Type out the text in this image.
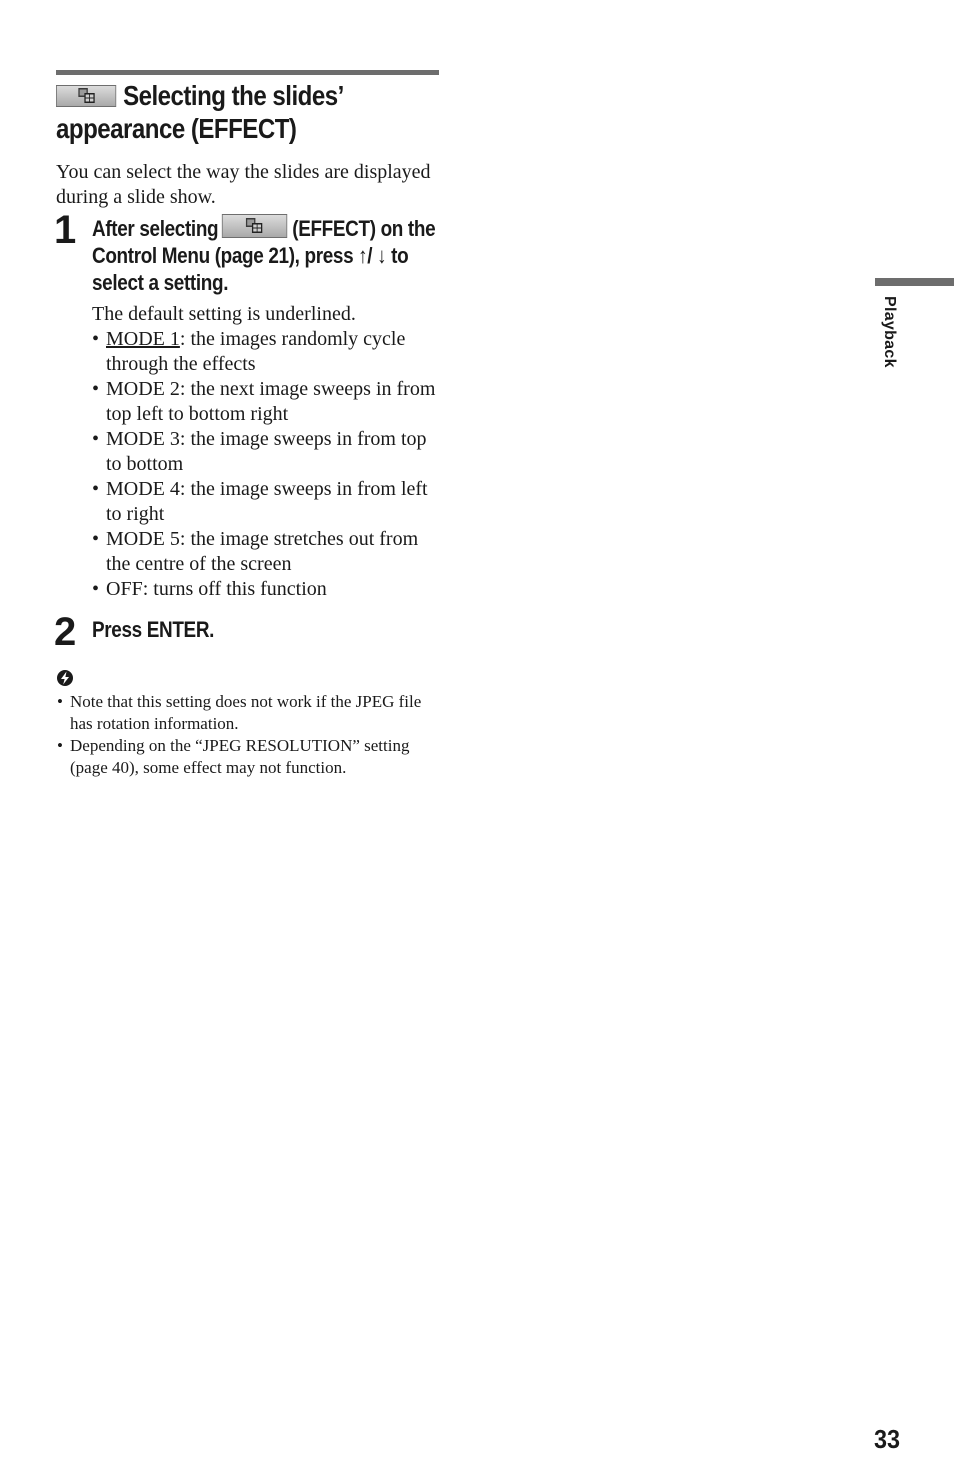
Selecting the slides’
appearance (EFFECT)
You can select the way the slides are displayed during a slide show.
1 After selecting	(EFFECT) on the Control Menu (page 21), press ↑/ ↓ to select a setting.
The default setting is underlined.
• MODE 1: the images randomly cycle through the effects
• MODE 2: the next image sweeps in from top left to bottom right
• MODE 3: the image sweeps in from top to bottom
• MODE 4: the image sweeps in from left to right
• MODE 5: the image stretches out from the centre of the screen
• OFF: turns off this function
2 Press ENTER.
• Note that this setting does not work if the JPEG file has rotation information.
• Depending on the “JPEG RESOLUTION” setting (page 40), some effect may not function.
Playback
33
